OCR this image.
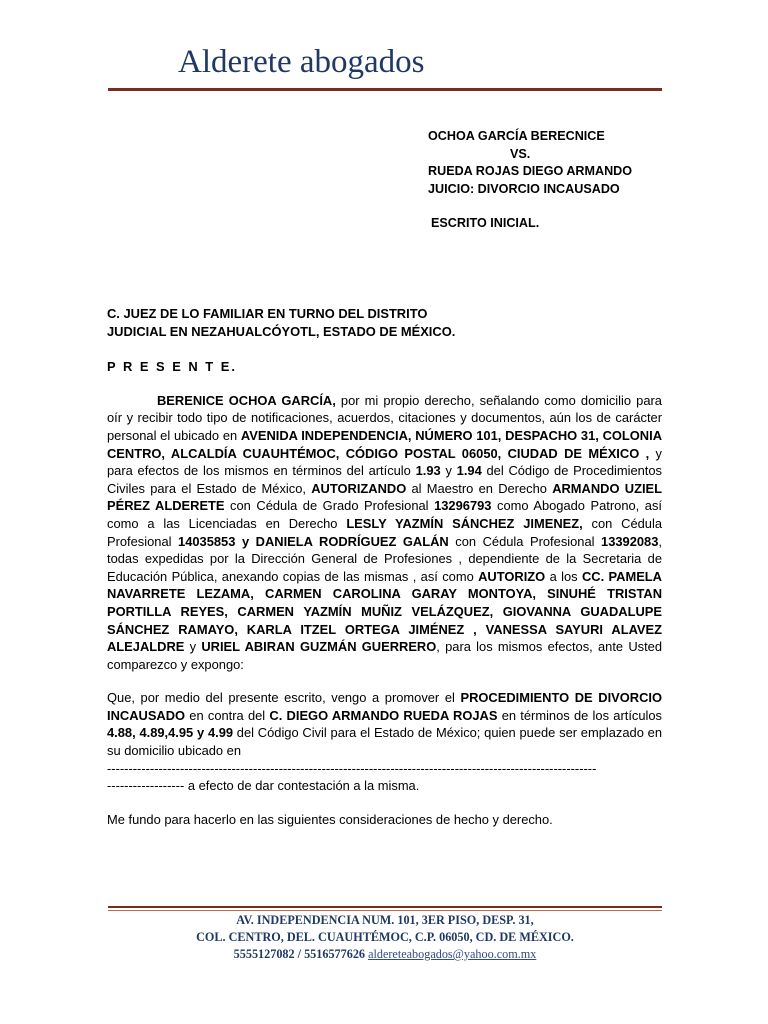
Alderete abogados
OCHOA GARCÍA BERECNICE

VS.
RUEDA ROJAS DIEGO ARMANDO
JUICIO: DIVORCIO INCAUSADO
ESCRITO INICIAL.

C. JUEZ DE LO FAMILIAR EN TURNO DEL DISTRITO
JUDICIAL EN NEZAHUALCÓYOTL, ESTADO DE MÉXICO.

P R E S E N T E.

BERENICE OCHOA GARCÍA, por mi propio derecho, señalando como domicilio para oír y recibir todo tipo de notificaciones, acuerdos, citaciones y documentos, aún los de carácter personal el ubicado en AVENIDA INDEPENDENCIA, NÚMERO 101, DESPACHO 31, COLONIA CENTRO, ALCALDÍA CUAUHTÉMOC, CÓDIGO POSTAL 06050, CIUDAD DE MÉXICO , y para efectos de los mismos en términos del artículo 1.93 y 1.94 del Código de Procedimientos Civiles para el Estado de México, AUTORIZANDO al Maestro en Derecho ARMANDO UZIEL PÉREZ ALDERETE con Cédula de Grado Profesional 13296793 como Abogado Patrono, así como a las Licenciadas en Derecho LESLY YAZMÍN SÁNCHEZ JIMENEZ, con Cédula Profesional 14035853 y DANIELA RODRÍGUEZ GALÁN con Cédula Profesional 13392083, todas expedidas por la Dirección General de Profesiones , dependiente de la Secretaria de Educación Pública, anexando copias de las mismas , así como AUTORIZO a los CC. PAMELA NAVARRETE LEZAMA, CARMEN CAROLINA GARAY MONTOYA, SINUHÉ TRISTAN PORTILLA REYES, CARMEN YAZMÍN MUÑIZ VELÁZQUEZ, GIOVANNA GUADALUPE SÁNCHEZ RAMAYO, KARLA ITZEL ORTEGA JIMÉNEZ , VANESSA SAYURI ALAVEZ ALEJALDRE y URIEL ABIRAN GUZMÁN GUERRERO, para los mismos efectos, ante Usted comparezco y expongo:

Que, por medio del presente escrito, vengo a promover el PROCEDIMIENTO DE DIVORCIO INCAUSADO en contra del C. DIEGO ARMANDO RUEDA ROJAS en términos de los artículos 4.88, 4.89,4.95 y 4.99 del Código Civil para el Estado de México; quien puede ser emplazado en su domicilio ubicado en
------------------------------------------------------------------------------------------------------------------
------------------ a efecto de dar contestación a la misma.

Me fundo para hacerlo en las siguientes consideraciones de hecho y derecho.

AV. INDEPENDENCIA NUM. 101, 3ER PISO, DESP. 31,
COL. CENTRO, DEL. CUAUHTÉMOC, C.P. 06050, CD. DE MÉXICO.
5555127082 / 5516577626 aldereteabogados@yahoo.com.mx
